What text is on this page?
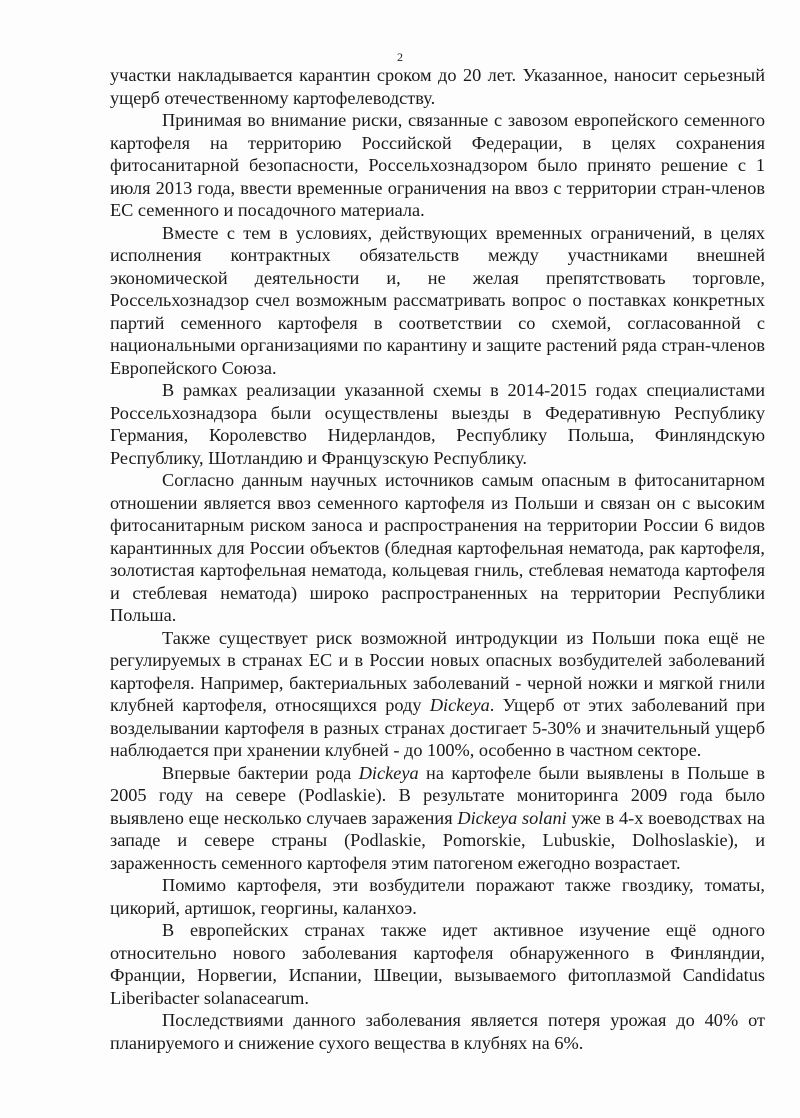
2

участки накладывается карантин сроком до 20 лет. Указанное, наносит серьезный ущерб отечественному картофелеводству.

Принимая во внимание риски, связанные с завозом европейского семенного картофеля на территорию Российской Федерации, в целях сохранения фитосанитарной безопасности, Россельхознадзором было принято решение с 1 июля 2013 года, ввести временные ограничения на ввоз с территории стран-членов ЕС семенного и посадочного материала.

Вместе с тем в условиях, действующих временных ограничений, в целях исполнения контрактных обязательств между участниками внешней экономической деятельности и, не желая препятствовать торговле, Россельхознадзор счел возможным рассматривать вопрос о поставках конкретных партий семенного картофеля в соответствии со схемой, согласованной с национальными организациями по карантину и защите растений ряда стран-членов Европейского Союза.

В рамках реализации указанной схемы в 2014-2015 годах специалистами Россельхознадзора были осуществлены выезды в Федеративную Республику Германия, Королевство Нидерландов, Республику Польша, Финляндскую Республику, Шотландию и Французскую Республику.

Согласно данным научных источников самым опасным в фитосанитарном отношении является ввоз семенного картофеля из Польши и связан он с высоким фитосанитарным риском заноса и распространения на территории России 6 видов карантинных для России объектов (бледная картофельная нематода, рак картофеля, золотистая картофельная нематода, кольцевая гниль, стеблевая нематода картофеля и стеблевая нематода) широко распространенных на территории Республики Польша.

Также существует риск возможной интродукции из Польши пока ещё не регулируемых в странах ЕС и в России новых опасных возбудителей заболеваний картофеля. Например, бактериальных заболеваний - черной ножки и мягкой гнили клубней картофеля, относящихся роду Dickeya. Ущерб от этих заболеваний при возделывании картофеля в разных странах достигает 5-30% и значительный ущерб наблюдается при хранении клубней - до 100%, особенно в частном секторе.

Впервые бактерии рода Dickeya на картофеле были выявлены в Польше в 2005 году на севере (Podlaskie). В результате мониторинга 2009 года было выявлено еще несколько случаев заражения Dickeya solani уже в 4-х воеводствах на западе и севере страны (Podlaskie, Pomorskie, Lubuskie, Dolhoslaskie), и зараженность семенного картофеля этим патогеном ежегодно возрастает.

Помимо картофеля, эти возбудители поражают также гвоздику, томаты, цикорий, артишок, георгины, каланхоэ.

В европейских странах также идет активное изучение ещё одного относительно нового заболевания картофеля обнаруженного в Финляндии, Франции, Норвегии, Испании, Швеции, вызываемого фитоплазмой Candidatus Liberibacter solanacearum.

Последствиями данного заболевания является потеря урожая до 40% от планируемого и снижение сухого вещества в клубнях на 6%.
